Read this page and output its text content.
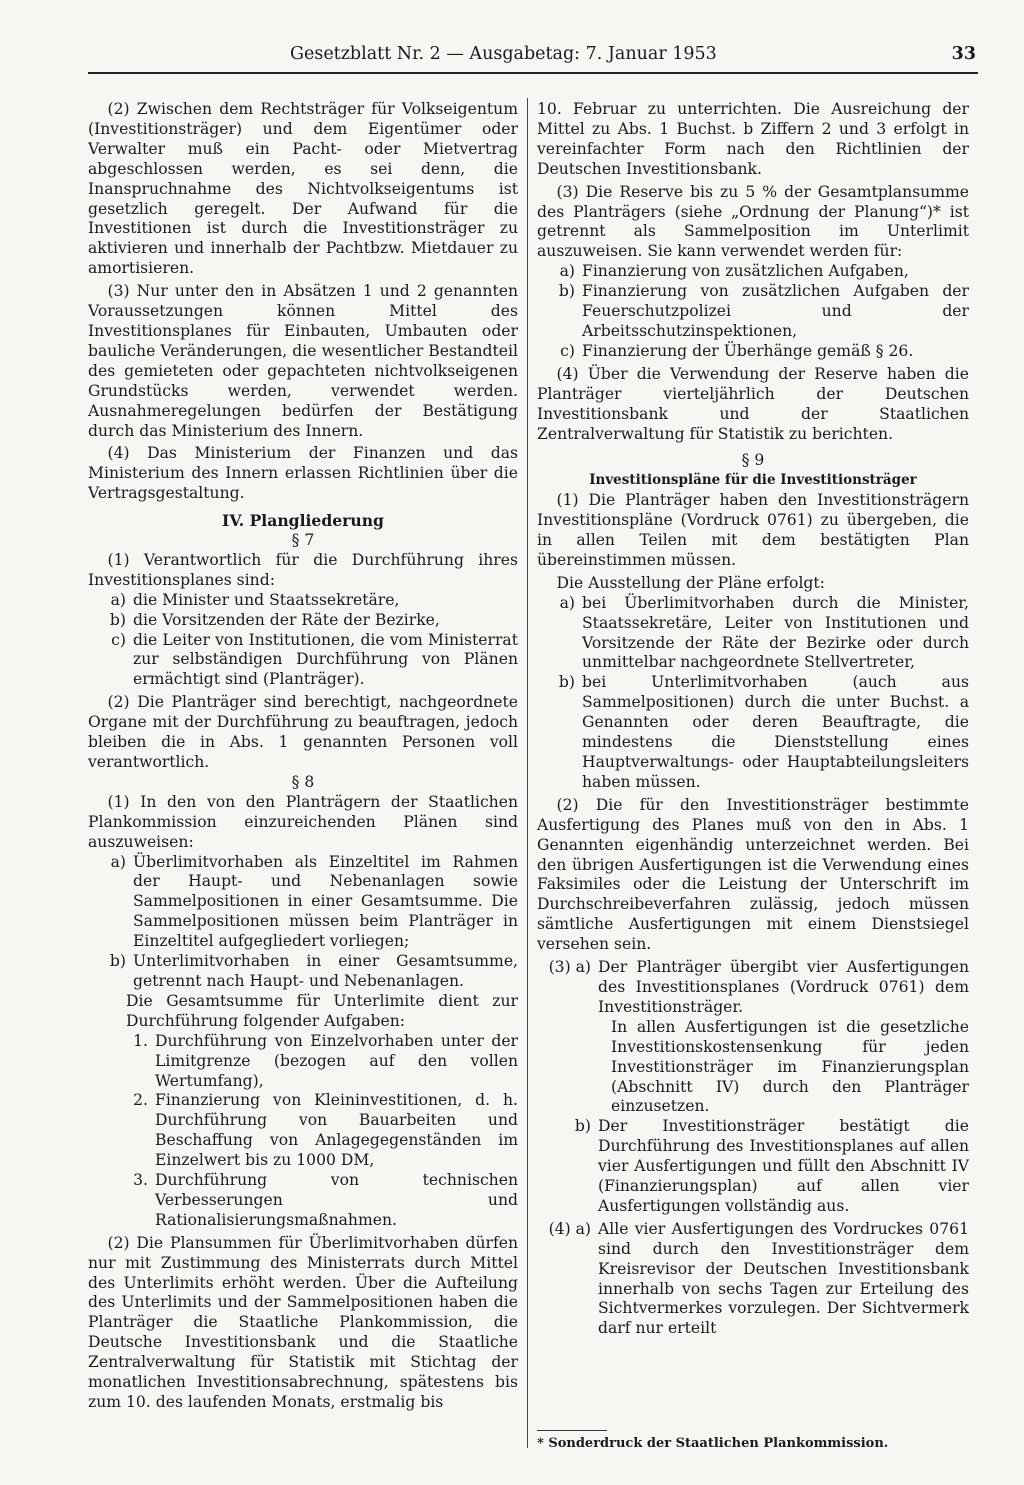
Gesetzblatt Nr. 2 — Ausgabetag: 7. Januar 1953	33

(2) Zwischen dem Rechtsträger für Volkseigentum (Investitionsträger) und dem Eigentümer oder Verwalter muß ein Pacht- oder Mietvertrag abgeschlossen werden, es sei denn, die Inanspruchnahme des Nichtvolkseigentums ist gesetzlich geregelt. Der Aufwand für die Investitionen ist durch die Investitionsträger zu aktivieren und innerhalb der Pachtbzw. Mietdauer zu amortisieren.

(3) Nur unter den in Absätzen 1 und 2 genannten Voraussetzungen können Mittel des Investitionsplanes für Einbauten, Umbauten oder bauliche Veränderungen, die wesentlicher Bestandteil des gemieteten oder gepachteten nichtvolkseigenen Grundstücks werden, verwendet werden. Ausnahmeregelungen bedürfen der Bestätigung durch das Ministerium des Innern.

(4) Das Ministerium der Finanzen und das Ministerium des Innern erlassen Richtlinien über die Vertragsgestaltung.

IV. Plangliederung

§ 7

(1) Verantwortlich für die Durchführung ihres Investitionsplanes sind:

a) die Minister und Staatssekretäre,
b) die Vorsitzenden der Räte der Bezirke,
c) die Leiter von Institutionen, die vom Ministerrat zur selbständigen Durchführung von Plänen ermächtigt sind (Planträger).

(2) Die Planträger sind berechtigt, nachgeordnete Organe mit der Durchführung zu beauftragen, jedoch bleiben die in Abs. 1 genannten Personen voll verantwortlich.

§ 8

(1) In den von den Planträgern der Staatlichen Plankommission einzureichenden Plänen sind auszuweisen:

a) Überlimitvorhaben als Einzeltitel im Rahmen der Haupt- und Nebenanlagen sowie Sammelpositionen in einer Gesamtsumme. Die Sammelpositionen müssen beim Planträger in Einzeltitel aufgegliedert vorliegen;
b) Unterlimitvorhaben in einer Gesamtsumme, getrennt nach Haupt- und Nebenanlagen.

Die Gesamtsumme für Unterlimite dient zur Durchführung folgender Aufgaben:

1. Durchführung von Einzelvorhaben unter der Limitgrenze (bezogen auf den vollen Wertumfang),
2. Finanzierung von Kleininvestitionen, d. h. Durchführung von Bauarbeiten und Beschaffung von Anlagegegenständen im Einzelwert bis zu 1000 DM,
3. Durchführung von technischen Verbesserungen und Rationalisierungsmaßnahmen.

(2) Die Plansummen für Überlimitvorhaben dürfen nur mit Zustimmung des Ministerrats durch Mittel des Unterlimits erhöht werden. Über die Aufteilung des Unterlimits und der Sammelpositionen haben die Planträger die Staatliche Plankommission, die Deutsche Investitionsbank und die Staatliche Zentralverwaltung für Statistik mit Stichtag der monatlichen Investitionsabrechnung, spätestens bis zum 10. des laufenden Monats, erstmalig bis

10. Februar zu unterrichten. Die Ausreichung der Mittel zu Abs. 1 Buchst. b Ziffern 2 und 3 erfolgt in vereinfachter Form nach den Richtlinien der Deutschen Investitionsbank.

(3) Die Reserve bis zu 5 % der Gesamtplansumme des Planträgers (siehe „Ordnung der Planung“)* ist getrennt als Sammelposition im Unterlimit auszuweisen. Sie kann verwendet werden für:

a) Finanzierung von zusätzlichen Aufgaben,
b) Finanzierung von zusätzlichen Aufgaben der Feuerschutzpolizei und der Arbeitsschutzinspektionen,
c) Finanzierung der Überhänge gemäß § 26.

(4) Über die Verwendung der Reserve haben die Planträger vierteljährlich der Deutschen Investitionsbank und der Staatlichen Zentralverwaltung für Statistik zu berichten.

§ 9

Investitionspläne für die Investitionsträger

(1) Die Planträger haben den Investitionsträgern Investitionspläne (Vordruck 0761) zu übergeben, die in allen Teilen mit dem bestätigten Plan übereinstimmen müssen.

Die Ausstellung der Pläne erfolgt:

a) bei Überlimitvorhaben durch die Minister, Staatssekretäre, Leiter von Institutionen und Vorsitzende der Räte der Bezirke oder durch unmittelbar nachgeordnete Stellvertreter,
b) bei Unterlimitvorhaben (auch aus Sammelpositionen) durch die unter Buchst. a Genannten oder deren Beauftragte, die mindestens die Dienststellung eines Hauptverwaltungs- oder Hauptabteilungsleiters haben müssen.

(2) Die für den Investitionsträger bestimmte Ausfertigung des Planes muß von den in Abs. 1 Genannten eigenhändig unterzeichnet werden. Bei den übrigen Ausfertigungen ist die Verwendung eines Faksimiles oder die Leistung der Unterschrift im Durchschreibeverfahren zulässig, jedoch müssen sämtliche Ausfertigungen mit einem Dienstsiegel versehen sein.

(3) a) Der Planträger übergibt vier Ausfertigungen des Investitionsplanes (Vordruck 0761) dem Investitionsträger.

In allen Ausfertigungen ist die gesetzliche Investitionskostensenkung für jeden Investitionsträger im Finanzierungsplan (Abschnitt IV) durch den Planträger einzusetzen.

b) Der Investitionsträger bestätigt die Durchführung des Investitionsplanes auf allen vier Ausfertigungen und füllt den Abschnitt IV (Finanzierungsplan) auf allen vier Ausfertigungen vollständig aus.
(4) a) Alle vier Ausfertigungen des Vordruckes 0761 sind durch den Investitionsträger dem Kreisrevisor der Deutschen Investitionsbank innerhalb von sechs Tagen zur Erteilung des Sichtvermerkes vorzulegen. Der Sichtvermerk darf nur erteilt
* Sonderdruck der Staatlichen Plankommission.
